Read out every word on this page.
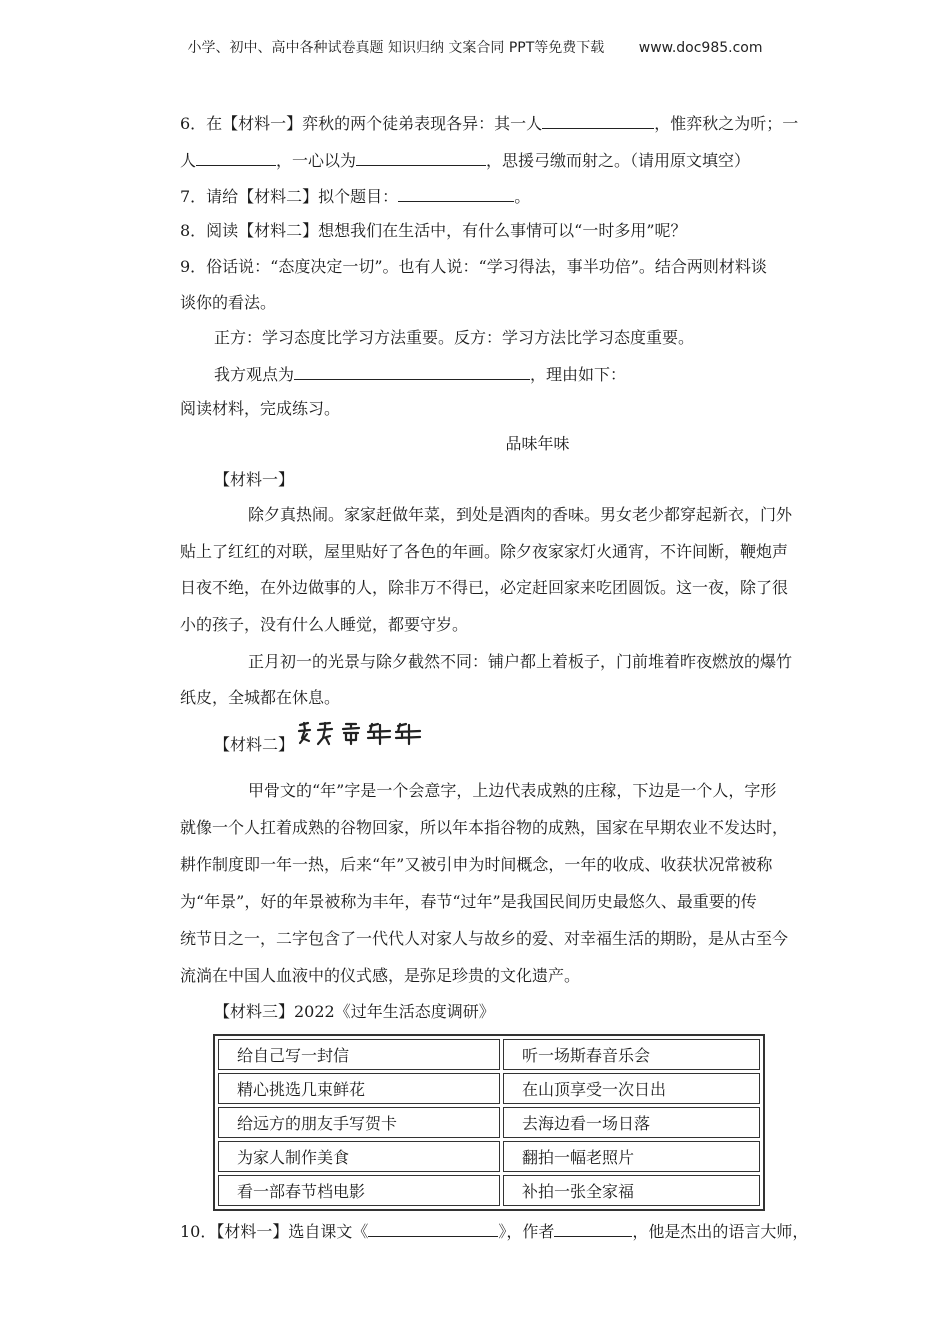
小学、初中、高中各种试卷真题 知识归纳 文案合同 PPT等免费下载 www.doc985.com
6．在【材料一】弈秋的两个徒弟表现各异：其一人	，惟弈秋之为听；一
人	，一心以为	，思援弓缴而射之。（请用原文填空）
7．请给【材料二】拟个题目：	。
8．阅读【材料二】想想我们在生活中，有什么事情可以“一时多用”呢？
9．俗话说：“态度决定一切”。也有人说：“学习得法，事半功倍”。结合两则材料谈
谈你的看法。
正方：学习态度比学习方法重要。反方：学习方法比学习态度重要。
我方观点为	，理由如下：
阅读材料，完成练习。
品味年味
【材料一】
除夕真热闹。家家赶做年菜，到处是酒肉的香味。男女老少都穿起新衣，门外
贴上了红红的对联，屋里贴好了各色的年画。除夕夜家家灯火通宵，不许间断，鞭炮声
日夜不绝，在外边做事的人，除非万不得已，必定赶回家来吃团圆饭。这一夜，除了很
小的孩子，没有什么人睡觉，都要守岁。
正月初一的光景与除夕截然不同：铺户都上着板子，门前堆着昨夜燃放的爆竹
纸皮，全城都在休息。
【材料二】
甲骨文的“年”字是一个会意字，上边代表成熟的庄稼，下边是一个人，字形
就像一个人扛着成熟的谷物回家，所以年本指谷物的成熟，国家在早期农业不发达时，
耕作制度即一年一热，后来“年”又被引申为时间概念，一年的收成、收获状况常被称
为“年景”，好的年景被称为丰年，春节“过年”是我国民间历史最悠久、最重要的传
统节日之一，二字包含了一代代人对家人与故乡的爱、对幸福生活的期盼，是从古至今
流淌在中国人血液中的仪式感，是弥足珍贵的文化遗产。
【材料三】2022《过年生活态度调研》
给自己写一封信	听一场斯春音乐会
精心挑选几束鲜花	在山顶享受一次日出
给远方的朋友手写贺卡	去海边看一场日落
为家人制作美食	翻拍一幅老照片
看一部春节档电影	补拍一张全家福
10．【材料一】选自课文《	》，作者	，他是杰出的语言大师，
